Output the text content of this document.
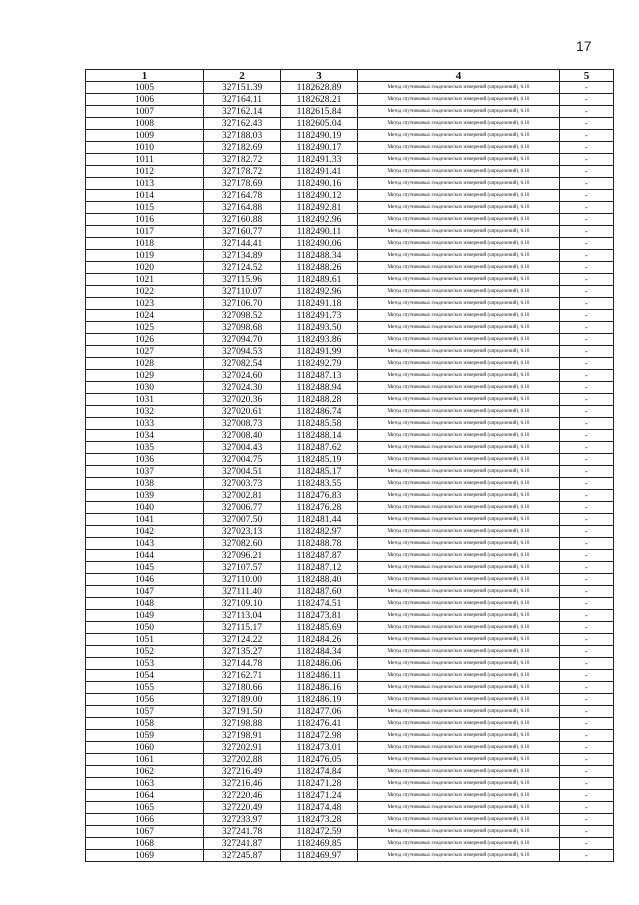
17
1	2	3	4	5
1005	327151.39	1182628.89	Метод спутниковых геодезических измерений (определений), 0.10	-
1006	327164.11	1182628.21	Метод спутниковых геодезических измерений (определений), 0.10	-
1007	327162.14	1182615.84	Метод спутниковых геодезических измерений (определений), 0.10	-
1008	327162.43	1182605.04	Метод спутниковых геодезических измерений (определений), 0.10	-
1009	327188.03	1182490.19	Метод спутниковых геодезических измерений (определений), 0.10	-
1010	327182.69	1182490.17	Метод спутниковых геодезических измерений (определений), 0.10	-
1011	327182.72	1182491.33	Метод спутниковых геодезических измерений (определений), 0.10	-
1012	327178.72	1182491.41	Метод спутниковых геодезических измерений (определений), 0.10	-
1013	327178.69	1182490.16	Метод спутниковых геодезических измерений (определений), 0.10	-
1014	327164.78	1182490.12	Метод спутниковых геодезических измерений (определений), 0.10	-
1015	327164.88	1182492.81	Метод спутниковых геодезических измерений (определений), 0.10	-
1016	327160.88	1182492.96	Метод спутниковых геодезических измерений (определений), 0.10	-
1017	327160.77	1182490.11	Метод спутниковых геодезических измерений (определений), 0.10	-
1018	327144.41	1182490.06	Метод спутниковых геодезических измерений (определений), 0.10	-
1019	327134.89	1182488.34	Метод спутниковых геодезических измерений (определений), 0.10	-
1020	327124.52	1182488.26	Метод спутниковых геодезических измерений (определений), 0.10	-
1021	327115.96	1182489.61	Метод спутниковых геодезических измерений (определений), 0.10	-
1022	327110.07	1182492.96	Метод спутниковых геодезических измерений (определений), 0.10	-
1023	327106.70	1182491.18	Метод спутниковых геодезических измерений (определений), 0.10	-
1024	327098.52	1182491.73	Метод спутниковых геодезических измерений (определений), 0.10	-
1025	327098.68	1182493.50	Метод спутниковых геодезических измерений (определений), 0.10	-
1026	327094.70	1182493.86	Метод спутниковых геодезических измерений (определений), 0.10	-
1027	327094.53	1182491.99	Метод спутниковых геодезических измерений (определений), 0.10	-
1028	327082.54	1182492.79	Метод спутниковых геодезических измерений (определений), 0.10	-
1029	327024.60	1182487.13	Метод спутниковых геодезических измерений (определений), 0.10	-
1030	327024.30	1182488.94	Метод спутниковых геодезических измерений (определений), 0.10	-
1031	327020.36	1182488.28	Метод спутниковых геодезических измерений (определений), 0.10	-
1032	327020.61	1182486.74	Метод спутниковых геодезических измерений (определений), 0.10	-
1033	327008.73	1182485.58	Метод спутниковых геодезических измерений (определений), 0.10	-
1034	327008.40	1182488.14	Метод спутниковых геодезических измерений (определений), 0.10	-
1035	327004.43	1182487.62	Метод спутниковых геодезических измерений (определений), 0.10	-
1036	327004.75	1182485.19	Метод спутниковых геодезических измерений (определений), 0.10	-
1037	327004.51	1182485.17	Метод спутниковых геодезических измерений (определений), 0.10	-
1038	327003.73	1182483.55	Метод спутниковых геодезических измерений (определений), 0.10	-
1039	327002.81	1182476.83	Метод спутниковых геодезических измерений (определений), 0.10	-
1040	327006.77	1182476.28	Метод спутниковых геодезических измерений (определений), 0.10	-
1041	327007.50	1182481.44	Метод спутниковых геодезических измерений (определений), 0.10	-
1042	327023.13	1182482.97	Метод спутниковых геодезических измерений (определений), 0.10	-
1043	327082.60	1182488.78	Метод спутниковых геодезических измерений (определений), 0.10	-
1044	327096.21	1182487.87	Метод спутниковых геодезических измерений (определений), 0.10	-
1045	327107.57	1182487.12	Метод спутниковых геодезических измерений (определений), 0.10	-
1046	327110.00	1182488.40	Метод спутниковых геодезических измерений (определений), 0.10	-
1047	327111.40	1182487.60	Метод спутниковых геодезических измерений (определений), 0.10	-
1048	327109.10	1182474.51	Метод спутниковых геодезических измерений (определений), 0.10	-
1049	327113.04	1182473.81	Метод спутниковых геодезических измерений (определений), 0.10	-
1050	327115.17	1182485.69	Метод спутниковых геодезических измерений (определений), 0.10	-
1051	327124.22	1182484.26	Метод спутниковых геодезических измерений (определений), 0.10	-
1052	327135.27	1182484.34	Метод спутниковых геодезических измерений (определений), 0.10	-
1053	327144.78	1182486.06	Метод спутниковых геодезических измерений (определений), 0.10	-
1054	327162.71	1182486.11	Метод спутниковых геодезических измерений (определений), 0.10	-
1055	327180.66	1182486.16	Метод спутниковых геодезических измерений (определений), 0.10	-
1056	327189.00	1182486.19	Метод спутниковых геодезических измерений (определений), 0.10	-
1057	327191.50	1182477.06	Метод спутниковых геодезических измерений (определений), 0.10	-
1058	327198.88	1182476.41	Метод спутниковых геодезических измерений (определений), 0.10	-
1059	327198.91	1182472.98	Метод спутниковых геодезических измерений (определений), 0.10	-
1060	327202.91	1182473.01	Метод спутниковых геодезических измерений (определений), 0.10	-
1061	327202.88	1182476.05	Метод спутниковых геодезических измерений (определений), 0.10	-
1062	327216.49	1182474.84	Метод спутниковых геодезических измерений (определений), 0.10	-
1063	327216.46	1182471.28	Метод спутниковых геодезических измерений (определений), 0.10	-
1064	327220.46	1182471.24	Метод спутниковых геодезических измерений (определений), 0.10	-
1065	327220.49	1182474.48	Метод спутниковых геодезических измерений (определений), 0.10	-
1066	327233.97	1182473.28	Метод спутниковых геодезических измерений (определений), 0.10	-
1067	327241.78	1182472.59	Метод спутниковых геодезических измерений (определений), 0.10	-
1068	327241.87	1182469.85	Метод спутниковых геодезических измерений (определений), 0.10	-
1069	327245.87	1182469.97	Метод спутниковых геодезических измерений (определений), 0.10	-
